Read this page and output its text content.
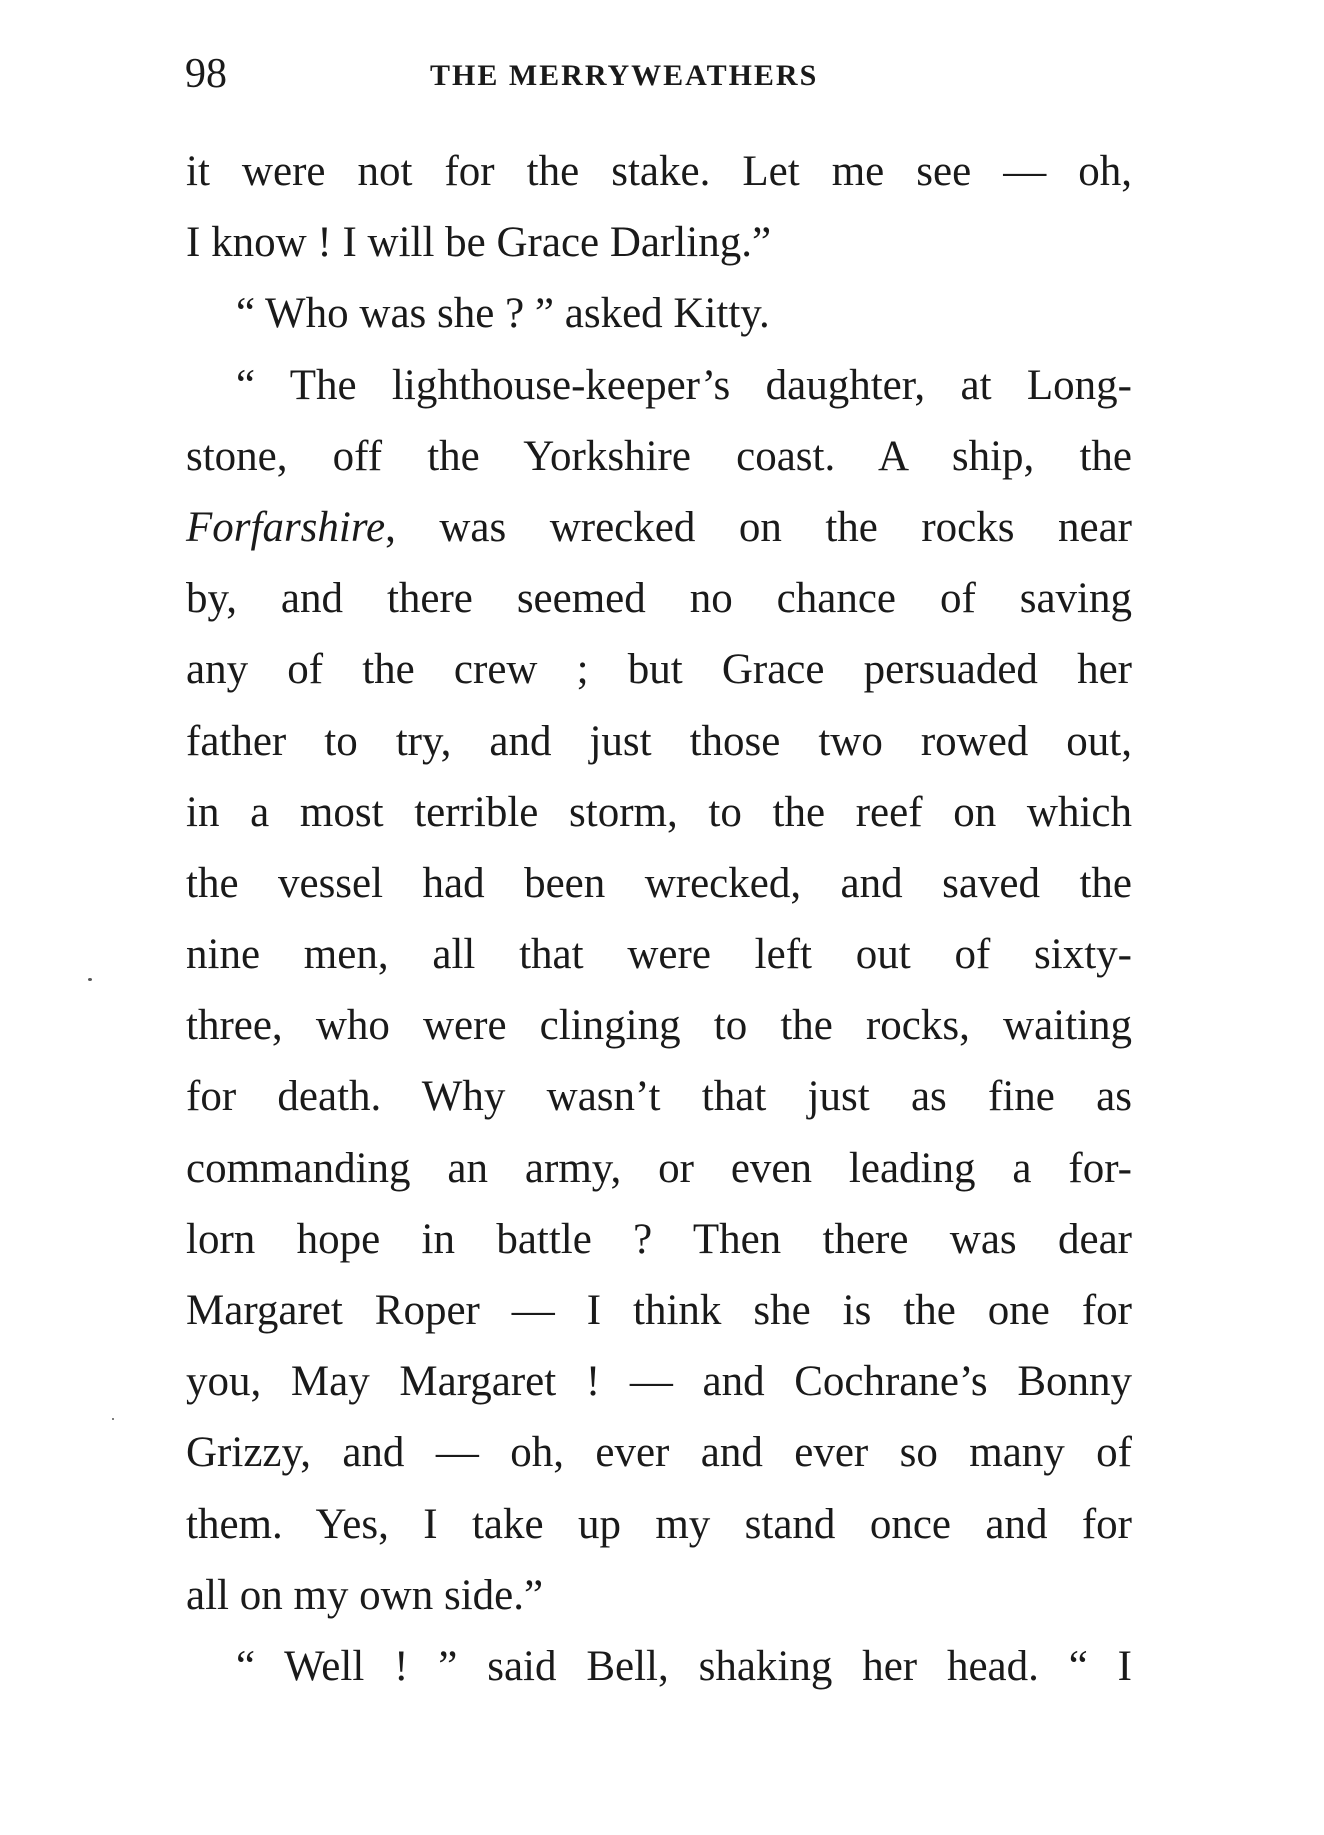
98	THE MERRYWEATHERS
it were not for the stake. Let me see — oh,
I know ! I will be Grace Darling.”
“ Who was she ? ” asked Kitty.
“ The lighthouse-keeper’s daughter, at Long-
stone, off the Yorkshire coast. A ship, the
Forfarshire, was wrecked on the rocks near
by, and there seemed no chance of saving
any of the crew ; but Grace persuaded her
father to try, and just those two rowed out,
in a most terrible storm, to the reef on which
the vessel had been wrecked, and saved the
nine men, all that were left out of sixty-
three, who were clinging to the rocks, waiting
for death. Why wasn’t that just as fine as
commanding an army, or even leading a for-
lorn hope in battle ? Then there was dear
Margaret Roper — I think she is the one for
you, May Margaret ! — and Cochrane’s Bonny
Grizzy, and — oh, ever and ever so many of
them. Yes, I take up my stand once and for
all on my own side.”
“ Well ! ” said Bell, shaking her head. “ I
